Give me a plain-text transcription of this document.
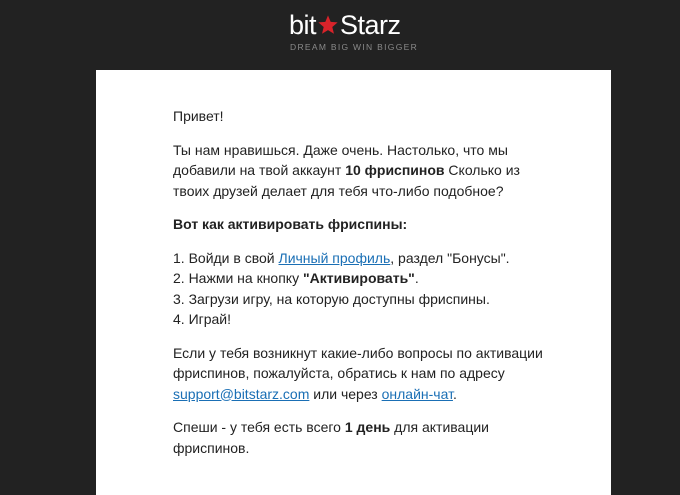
bit Starz
DREAM BIG WIN BIGGER

Привет!

Ты нам нравишься. Даже очень. Настолько, что мы добавили на твой аккаунт 10 фриспинов Сколько из твоих друзей делает для тебя что-либо подобное?

Вот как активировать фриспины:

1. Войди в свой Личный профиль, раздел "Бонусы".
2. Нажми на кнопку "Активировать".
3. Загрузи игру, на которую доступны фриспины.
4. Играй!

Если у тебя возникнут какие-либо вопросы по активации фриспинов, пожалуйста, обратись к нам по адресу support@bitstarz.com или через онлайн-чат.

Спеши - у тебя есть всего 1 день для активации фриспинов.
